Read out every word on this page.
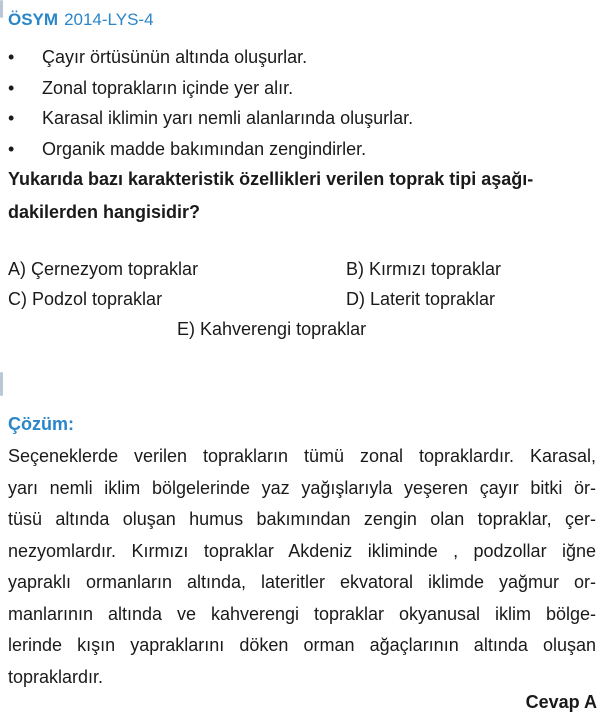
ÖSYM 2014-LYS-4
•	Çayır örtüsünün altında oluşurlar.
•	Zonal toprakların içinde yer alır.
•	Karasal iklimin yarı nemli alanlarında oluşurlar.
•	Organik madde bakımından zengindirler.
Yukarıda bazı karakteristik özellikleri verilen toprak tipi aşağı-
dakilerden hangisidir?
A) Çernezyom topraklar	B) Kırmızı topraklar
C) Podzol topraklar	D) Laterit topraklar
E) Kahverengi topraklar
Çözüm:
Seçeneklerde verilen toprakların tümü zonal topraklardır. Karasal,
yarı nemli iklim bölgelerinde yaz yağışlarıyla yeşeren çayır bitki ör-
tüsü altında oluşan humus bakımından zengin olan topraklar, çer-
nezyomlardır. Kırmızı topraklar Akdeniz ikliminde , podzollar iğne
yapraklı ormanların altında, lateritler ekvatoral iklimde yağmur or-
manlarının altında ve kahverengi topraklar okyanusal iklim bölge-
lerinde kışın yapraklarını döken orman ağaçlarının altında oluşan
topraklardır.
Cevap A
